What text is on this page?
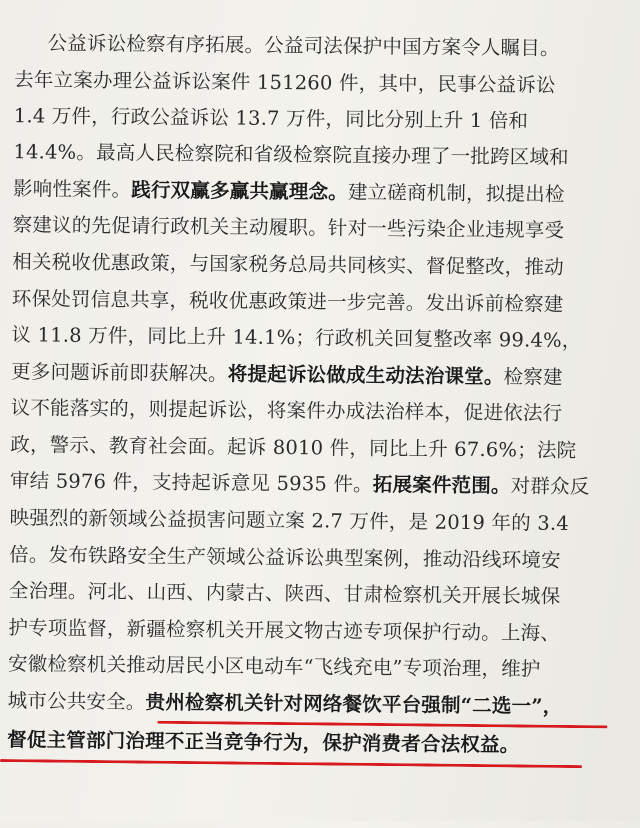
公益诉讼检察有序拓展。公益司法保护中国方案令人瞩目。
去年立案办理公益诉讼案件 151260 件，其中，民事公益诉讼
1.4 万件，行政公益诉讼 13.7 万件，同比分别上升 1 倍和
14.4%。最高人民检察院和省级检察院直接办理了一批跨区域和
影响性案件。践行双赢多赢共赢理念。建立磋商机制，拟提出检
察建议的先促请行政机关主动履职。针对一些污染企业违规享受
相关税收优惠政策，与国家税务总局共同核实、督促整改，推动
环保处罚信息共享，税收优惠政策进一步完善。发出诉前检察建
议 11.8 万件，同比上升 14.1%；行政机关回复整改率 99.4%，
更多问题诉前即获解决。将提起诉讼做成生动法治课堂。检察建
议不能落实的，则提起诉讼，将案件办成法治样本，促进依法行
政，警示、教育社会面。起诉 8010 件，同比上升 67.6%；法院
审结 5976 件，支持起诉意见 5935 件。拓展案件范围。对群众反
映强烈的新领域公益损害问题立案 2.7 万件，是 2019 年的 3.4
倍。发布铁路安全生产领域公益诉讼典型案例，推动沿线环境安
全治理。河北、山西、内蒙古、陕西、甘肃检察机关开展长城保
护专项监督，新疆检察机关开展文物古迹专项保护行动。上海、
安徽检察机关推动居民小区电动车“飞线充电”专项治理，维护
城市公共安全。贵州检察机关针对网络餐饮平台强制“二选一”，
督促主管部门治理不正当竞争行为，保护消费者合法权益。
